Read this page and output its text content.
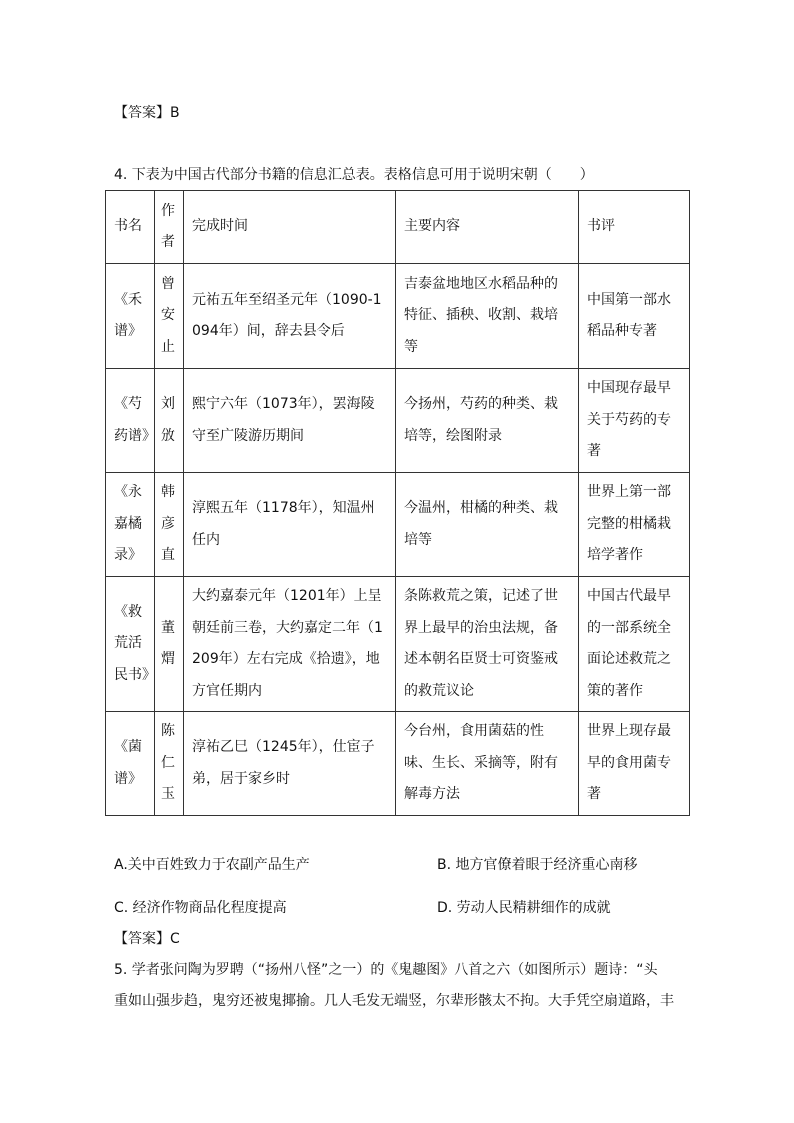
【答案】B
4. 下表为中国古代部分书籍的信息汇总表。表格信息可用于说明宋朝（　　）
书名	作者	完成时间	主要内容	书评
《禾谱》	曾安止	元祐五年至绍圣元年（1090-1094年）间，辞去县令后	吉泰盆地地区水稻品种的特征、插秧、收割、栽培等	中国第一部水稻品种专著
《芍药谱》	刘攽	熙宁六年（1073年），罢海陵守至广陵游历期间	今扬州，芍药的种类、栽培等，绘图附录	中国现存最早关于芍药的专著
《永嘉橘录》	韩彦直	淳熙五年（1178年），知温州任内	今温州，柑橘的种类、栽培等	世界上第一部完整的柑橘栽培学著作
《救荒活民书》	董煟	大约嘉泰元年（1201年）上呈朝廷前三卷，大约嘉定二年（1209年）左右完成《拾遗》，地方官任期内	条陈救荒之策，记述了世界上最早的治虫法规，备述本朝名臣贤士可资鉴戒的救荒议论	中国古代最早的一部系统全面论述救荒之策的著作
《菌谱》	陈仁玉	淳祐乙巳（1245年），仕宦子弟，居于家乡时	今台州，食用菌菇的性味、生长、采摘等，附有解毒方法	世界上现存最早的食用菌专著
A.关中百姓致力于农副产品生产	B. 地方官僚着眼于经济重心南移
C. 经济作物商品化程度提高	D. 劳动人民精耕细作的成就
【答案】C
5. 学者张问陶为罗聘（“扬州八怪”之一）的《鬼趣图》八首之六（如图所示）题诗：“头
重如山强步趋，鬼穷还被鬼揶揄。几人毛发无端竖，尔辈形骸太不拘。大手凭空扇道路，丰
